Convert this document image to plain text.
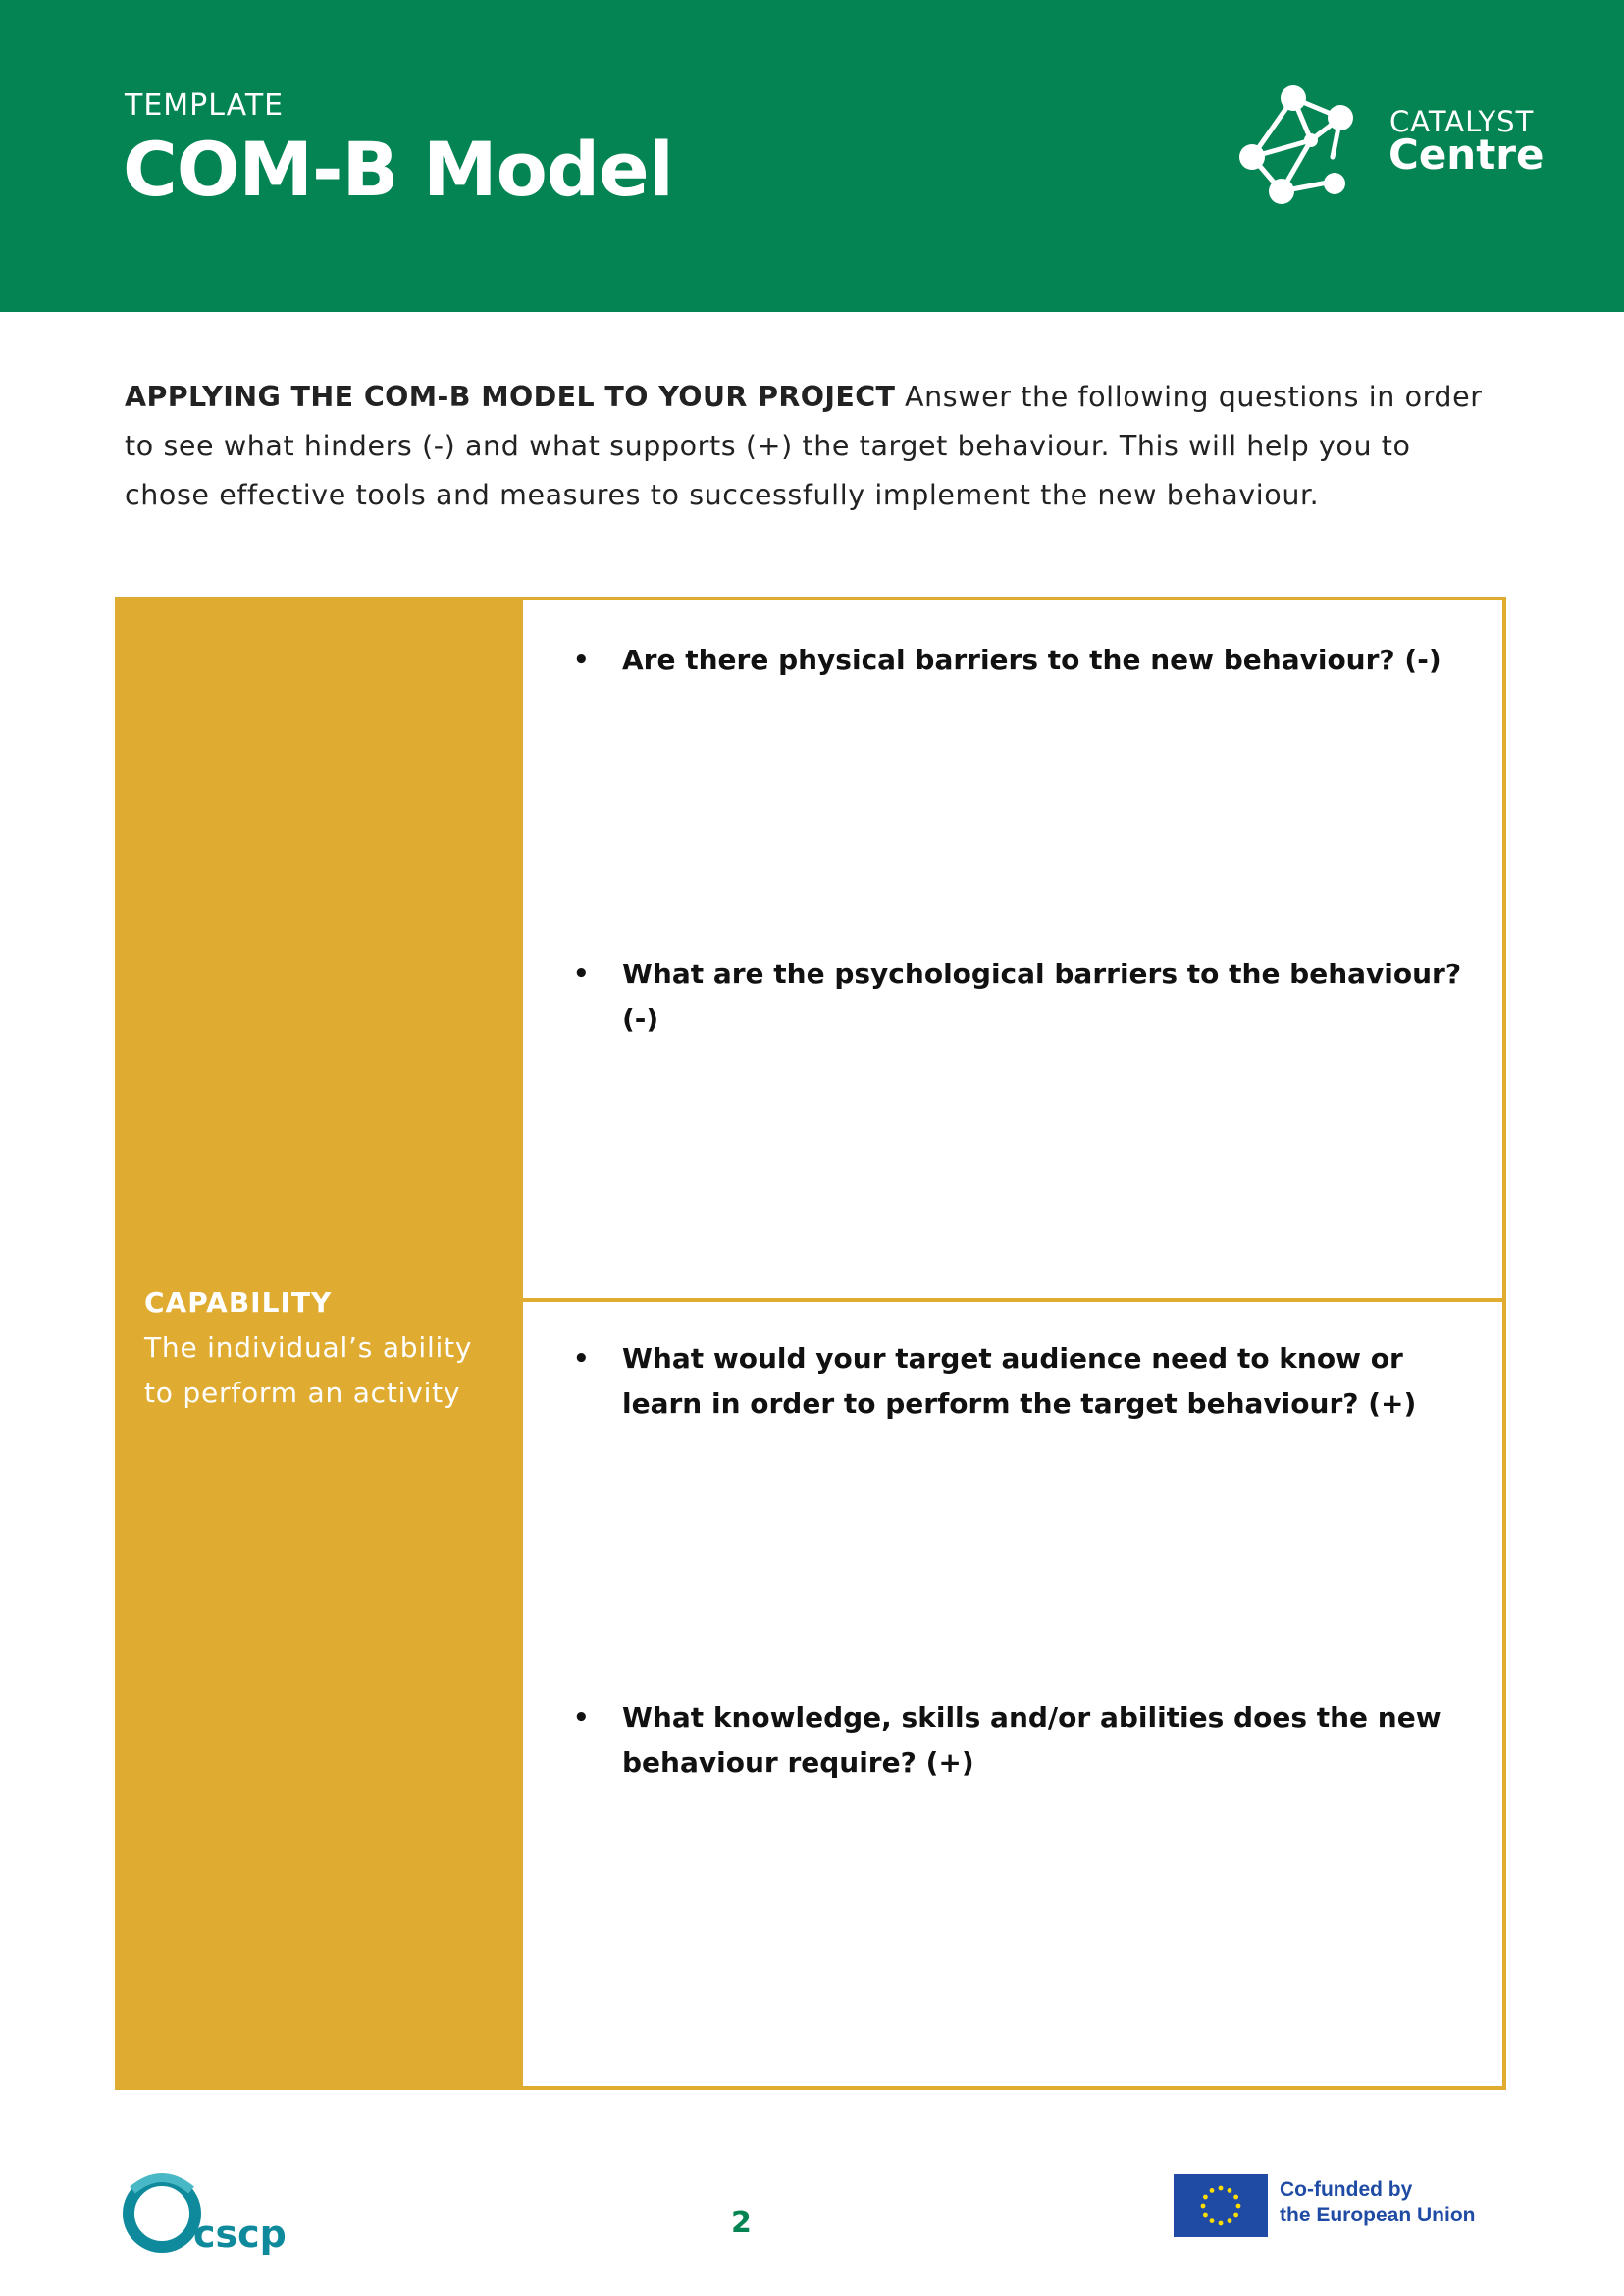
TEMPLATE
COM-B Model
CATALYST
Centre
APPLYING THE COM-B MODEL TO YOUR PROJECT Answer the following questions in order to see what hinders (-) and what supports (+) the target behaviour. This will help you to chose effective tools and measures to successfully implement the new behaviour.
CAPABILITY
The individual’s ability
to perform an activity
•	Are there physical barriers to the new behaviour? (-)
•	What are the psychological barriers to the behaviour? (-)
•	What would your target audience need to know or learn in order to perform the target behaviour? (+)
•	What knowledge, skills and/or abilities does the new behaviour require? (+)
cscp	2
Co-funded by
the European Union
